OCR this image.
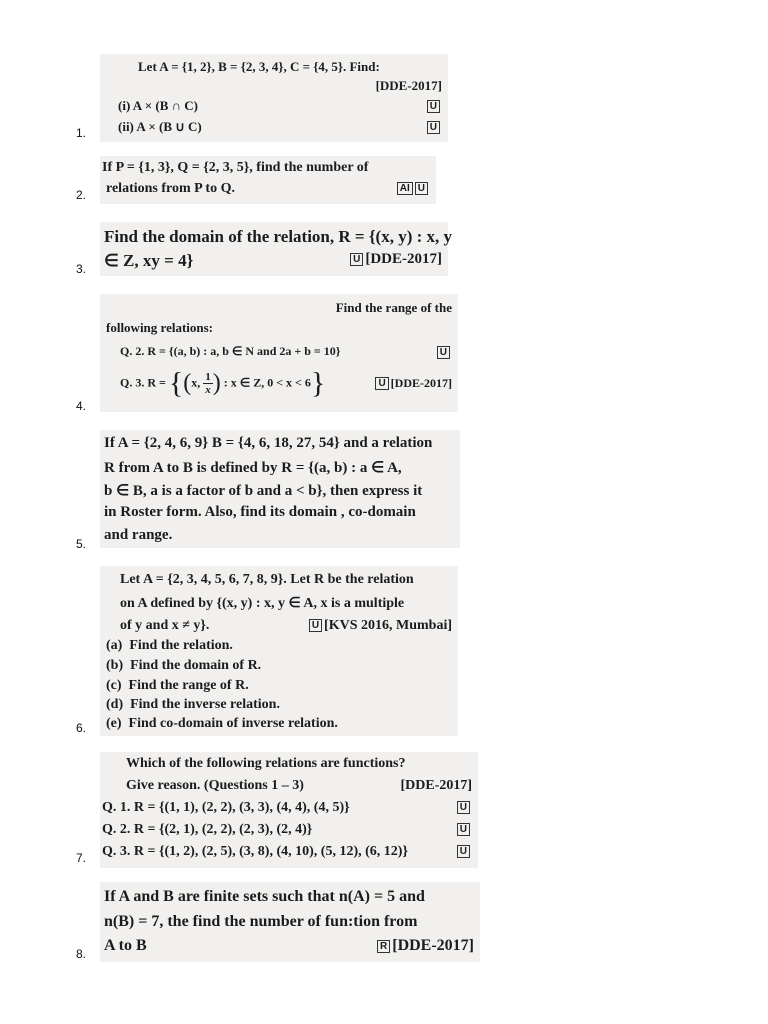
1.
Let A = {1, 2}, B = {2, 3, 4}, C = {4, 5}. Find:
[DDE-2017]
(i) A × (B ∩ C)	U
(ii) A × (B ∪ C)	U
2.
If P = {1, 3}, Q = {2, 3, 5}, find the number of
relations from P to Q.	AI U
3.
Find the domain of the relation, R = {(x, y) : x, y
∈ Z, xy = 4}	U [DDE-2017]
4.
Find the range of the
following relations:
Q. 2. R = {(a, b) : a, b ∈ N and 2a + b = 10}	U
Q. 3. R = {(x, $\frac{1}{x}$ ) : x ∈ Z, 0 < x < 6}	U [DDE-2017]
5.
If A = {2, 4, 6, 9} B = {4, 6, 18, 27, 54} and a relation
R from A to B is defined by R = {(a, b) : a ∈ A,
b ∈ B, a is a factor of b and a < b}, then express it
in Roster form. Also, find its domain , co-domain
and range.
6.
Let A = {2, 3, 4, 5, 6, 7, 8, 9}. Let R be the relation
on A defined by {(x, y) : x, y ∈ A, x is a multiple
of y and x ≠ y}.	U [KVS 2016, Mumbai]
(a)  Find the relation.
(b)  Find the domain of R.
(c)  Find the range of R.
(d)  Find the inverse relation.
(e)  Find co-domain of inverse relation.
7.
Which of the following relations are functions?
Give reason. (Questions 1 – 3)	[DDE-2017]
Q. 1. R = {(1, 1), (2, 2), (3, 3), (4, 4), (4, 5)}	U
Q. 2. R = {(2, 1), (2, 2), (2, 3), (2, 4)}	U
Q. 3. R = {(1, 2), (2, 5), (3, 8), (4, 10), (5, 12), (6, 12)}	U
8.
If A and B are finite sets such that n(A) = 5 and
n(B) = 7, the find the number of fun:tion from
A to B	R [DDE-2017]
